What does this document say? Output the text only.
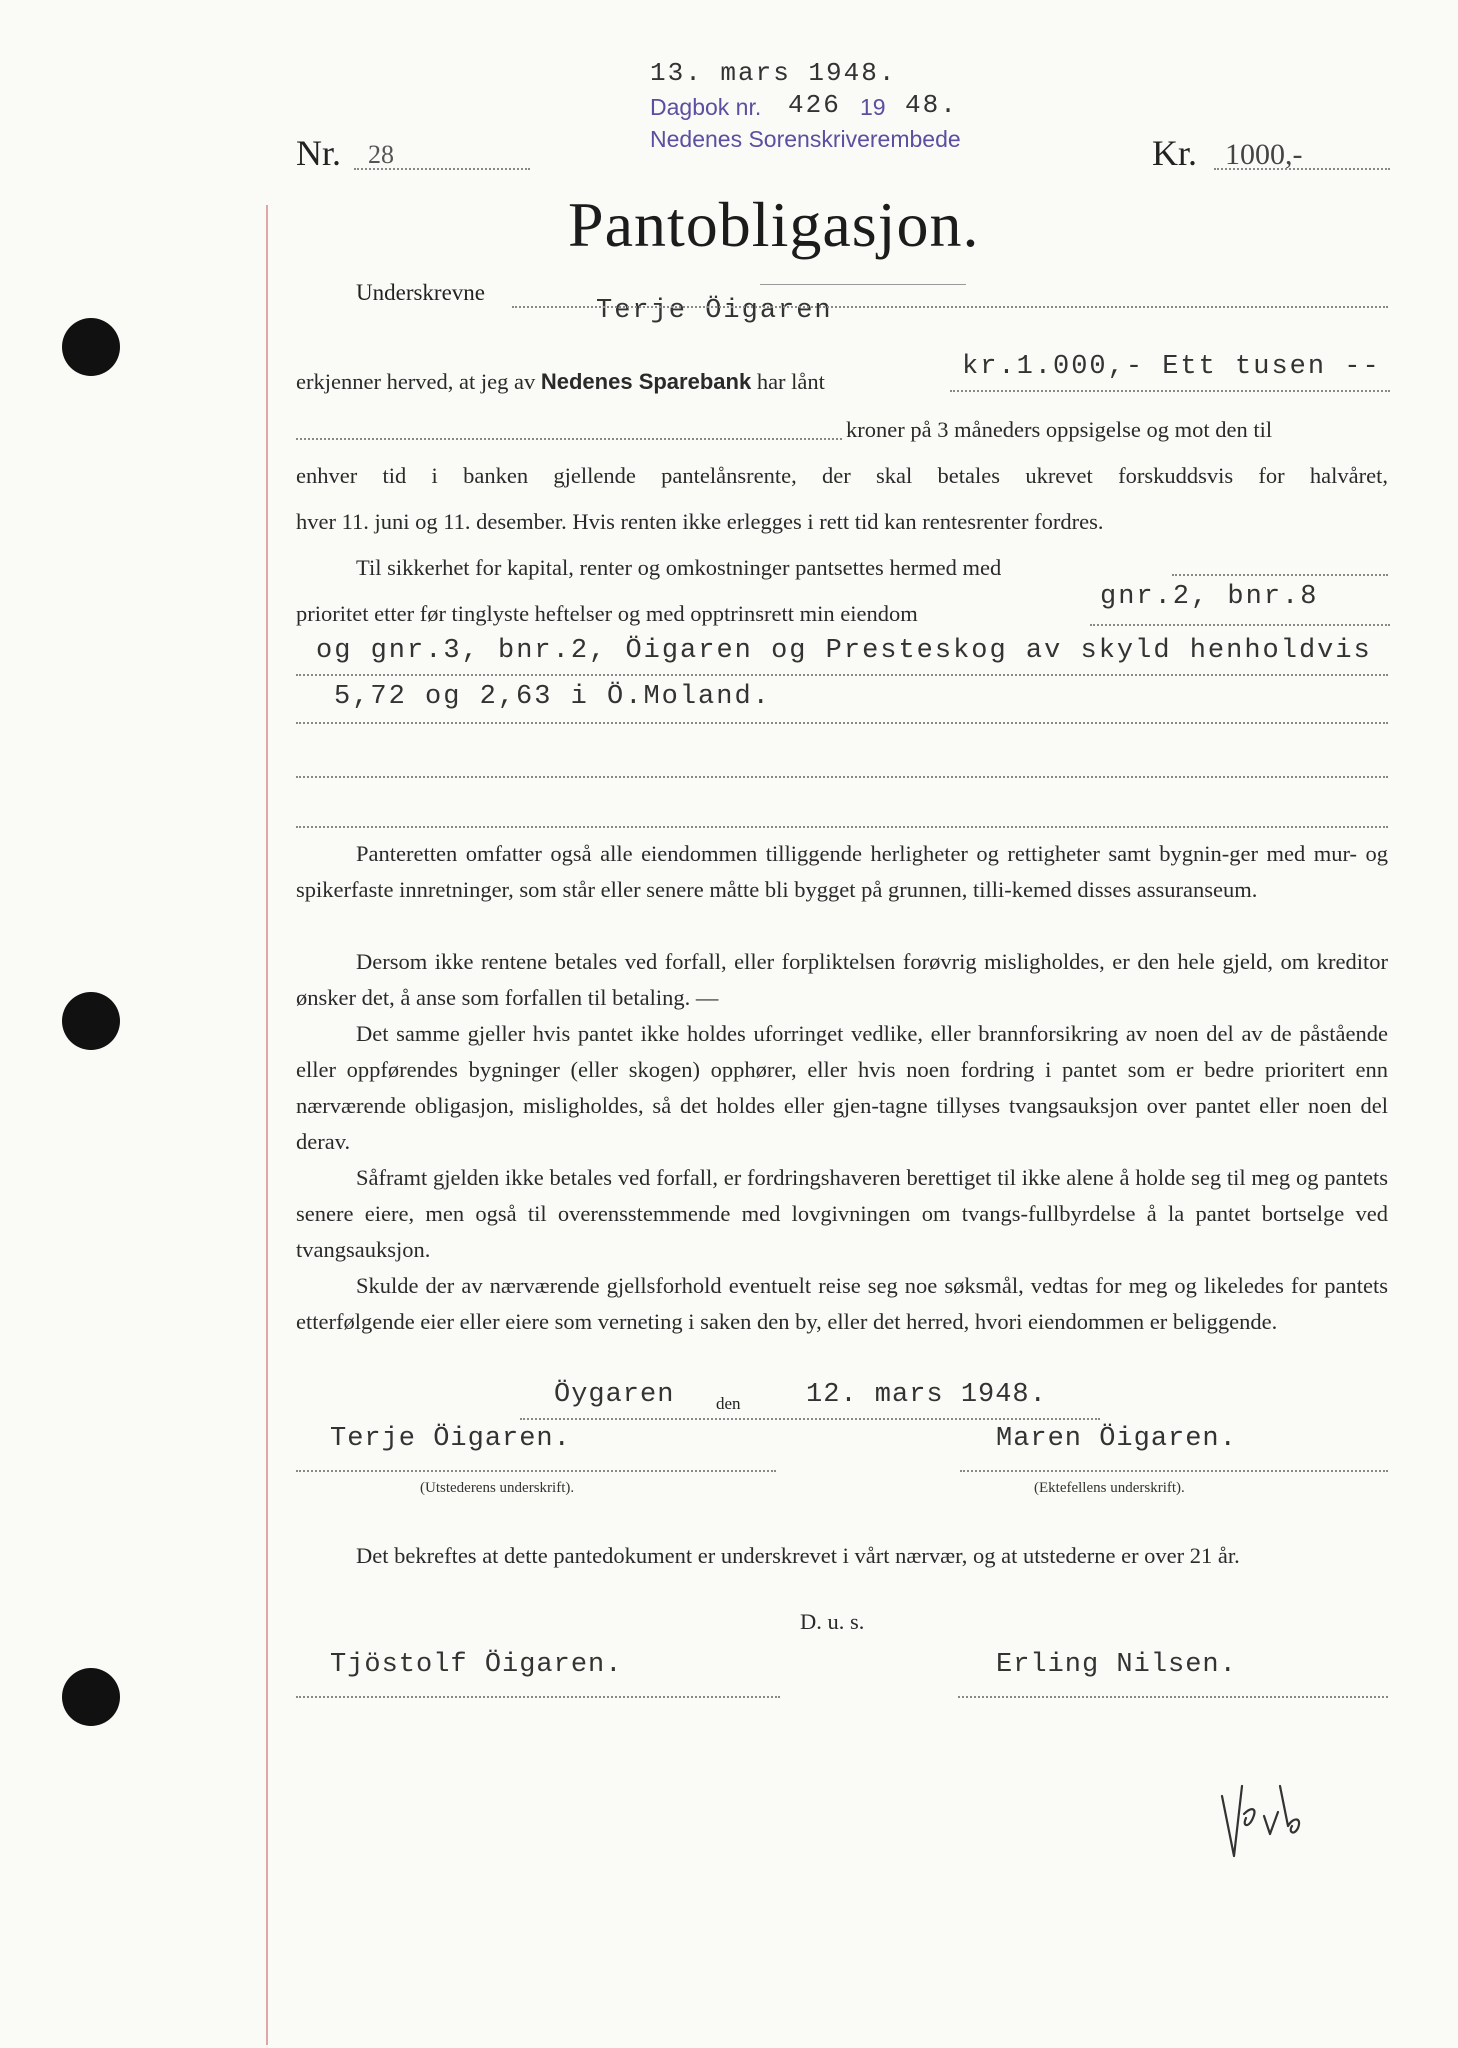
13. mars 1948.
Dagbok nr. 426 19 48.
Nedenes Sorenskriverembede
Nr. 28	Kr. 1000,-
Pantobligasjon.
Underskrevne
Terje Öigaren
erkjenner herved, at jeg av Nedenes Sparebank har lånt	kr.1.000,- Ett tusen --
kroner på 3 måneders oppsigelse og mot den til
enhver tid i banken gjellende pantelånsrente, der skal betales ukrevet forskuddsvis for halvåret,
hver 11. juni og 11. desember. Hvis renten ikke erlegges i rett tid kan rentesrenter fordres.
Til sikkerhet for kapital, renter og omkostninger pantsettes hermed med
prioritet etter før tinglyste heftelser og med opptrinsrett min eiendom
gnr.2, bnr.8
og gnr.3, bnr.2, Öigaren og Presteskog av skyld henholdvis
5,72 og 2,63 i Ö.Moland.
Panteretten omfatter også alle eiendommen tilliggende herligheter og rettigheter samt bygnin-ger med mur- og spikerfaste innretninger, som står eller senere måtte bli bygget på grunnen, tilli-kemed disses assuranseum.
Dersom ikke rentene betales ved forfall, eller forpliktelsen forøvrig misligholdes, er den hele gjeld, om kreditor ønsker det, å anse som forfallen til betaling. —
Det samme gjeller hvis pantet ikke holdes uforringet vedlike, eller brannforsikring av noen del av de påstående eller oppførendes bygninger (eller skogen) opphører, eller hvis noen fordring i pantet som er bedre prioritert enn nærværende obligasjon, misligholdes, så det holdes eller gjen-tagne tillyses tvangsauksjon over pantet eller noen del derav.
Såframt gjelden ikke betales ved forfall, er fordringshaveren berettiget til ikke alene å holde seg til meg og pantets senere eiere, men også til overensstemmende med lovgivningen om tvangs-fullbyrdelse å la pantet bortselge ved tvangsauksjon.
Skulde der av nærværende gjellsforhold eventuelt reise seg noe søksmål, vedtas for meg og likeledes for pantets etterfølgende eier eller eiere som verneting i saken den by, eller det herred, hvori eiendommen er beliggende.
Öygaren den 12. mars 1948.
Terje Öigaren.	Maren Öigaren.
(Utstederens underskrift).	(Ektefellens underskrift).
Det bekreftes at dette pantedokument er underskrevet i vårt nærvær, og at utstederne er over 21 år.
D. u. s.
Tjöstolf Öigaren.	Erling Nilsen.
